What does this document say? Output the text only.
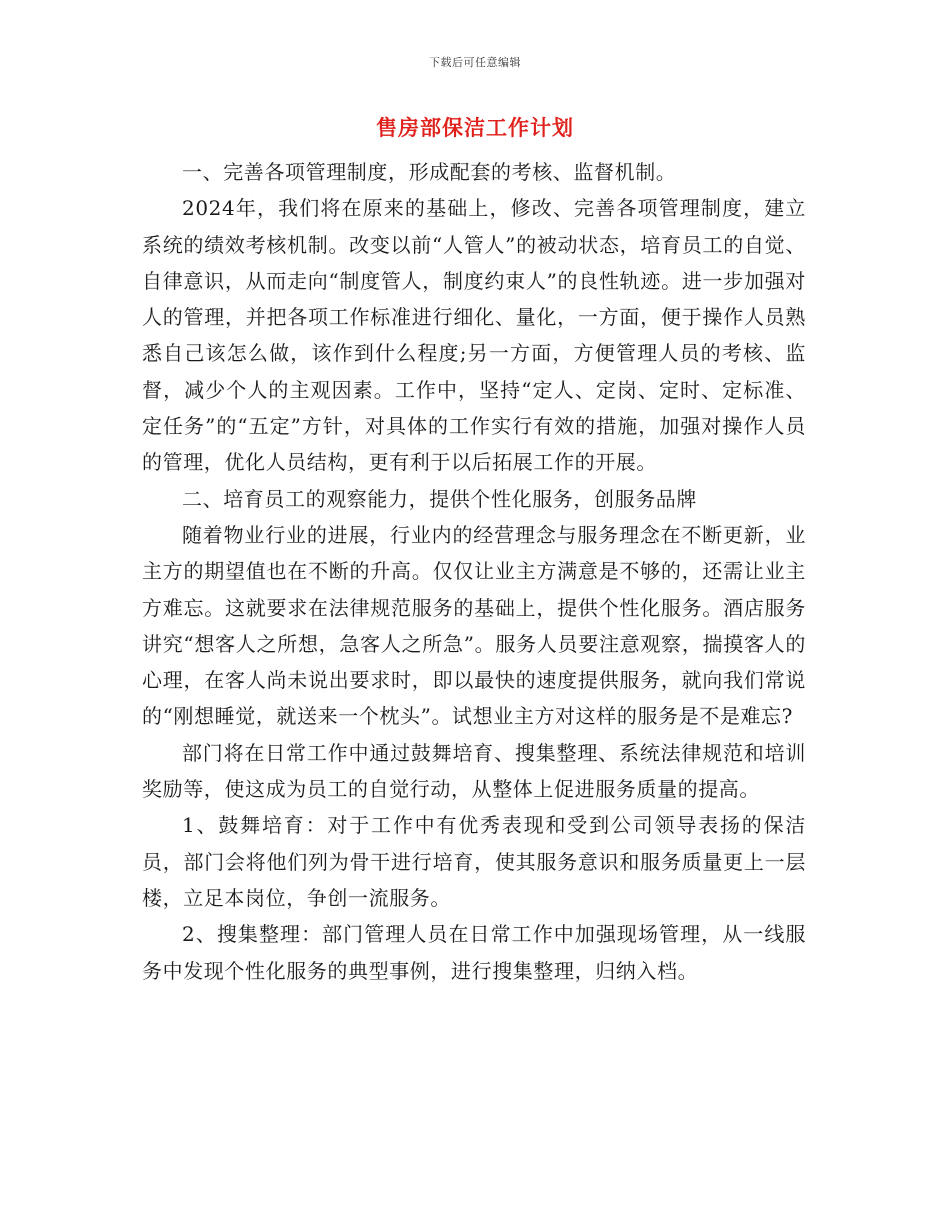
下载后可任意编辑
售房部保洁工作计划

一、完善各项管理制度，形成配套的考核、监督机制。

2024年，我们将在原来的基础上，修改、完善各项管理制度，建立系统的绩效考核机制。改变以前“人管人”的被动状态，培育员工的自觉、自律意识，从而走向“制度管人，制度约束人”的良性轨迹。进一步加强对人的管理，并把各项工作标准进行细化、量化，一方面，便于操作人员熟悉自己该怎么做，该作到什么程度;另一方面，方便管理人员的考核、监督，减少个人的主观因素。工作中，坚持“定人、定岗、定时、定标准、定任务”的“五定”方针，对具体的工作实行有效的措施，加强对操作人员的管理，优化人员结构，更有利于以后拓展工作的开展。

二、培育员工的观察能力，提供个性化服务，创服务品牌

随着物业行业的进展，行业内的经营理念与服务理念在不断更新，业主方的期望值也在不断的升高。仅仅让业主方满意是不够的，还需让业主方难忘。这就要求在法律规范服务的基础上，提供个性化服务。酒店服务讲究“想客人之所想，急客人之所急”。服务人员要注意观察，揣摸客人的心理，在客人尚未说出要求时，即以最快的速度提供服务，就向我们常说的“刚想睡觉，就送来一个枕头”。试想业主方对这样的服务是不是难忘?

部门将在日常工作中通过鼓舞培育、搜集整理、系统法律规范和培训奖励等，使这成为员工的自觉行动，从整体上促进服务质量的提高。

1、鼓舞培育：对于工作中有优秀表现和受到公司领导表扬的保洁员，部门会将他们列为骨干进行培育，使其服务意识和服务质量更上一层楼，立足本岗位，争创一流服务。

2、搜集整理：部门管理人员在日常工作中加强现场管理，从一线服务中发现个性化服务的典型事例，进行搜集整理，归纳入档。
